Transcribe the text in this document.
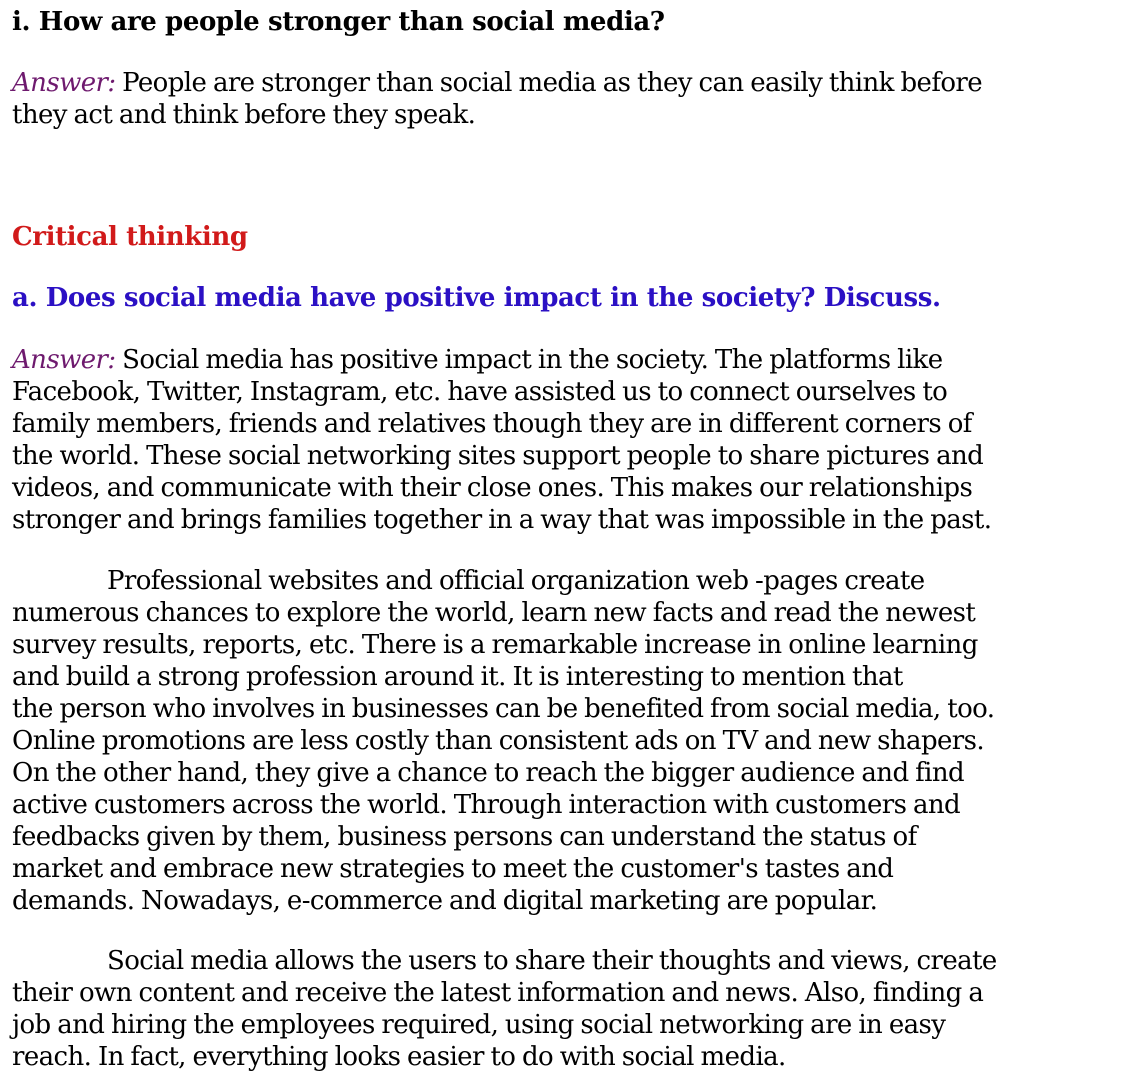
i. How are people stronger than social media?

Answer: People are stronger than social media as they can easily think before

they act and think before they speak.

Critical thinking
a. Does social media have positive impact in the society? Discuss.

Answer: Social media has positive impact in the society. The platforms like

Facebook, Twitter, Instagram, etc. have assisted us to connect ourselves to

family members, friends and relatives though they are in different corners of

the world. These social networking sites support people to share pictures and

videos, and communicate with their close ones. This makes our relationships

stronger and brings families together in a way that was impossible in the past.

Professional websites and official organization web -pages create

numerous chances to explore the world, learn new facts and read the newest

survey results, reports, etc. There is a remarkable increase in online learning

and build a strong profession around it. It is interesting to mention that

the person who involves in businesses can be benefited from social media, too.

Online promotions are less costly than consistent ads on TV and new shapers.

On the other hand, they give a chance to reach the bigger audience and find

active customers across the world. Through interaction with customers and

feedbacks given by them, business persons can understand the status of

market and embrace new strategies to meet the customer's tastes and

demands. Nowadays, e-commerce and digital marketing are popular.

Social media allows the users to share their thoughts and views, create

their own content and receive the latest information and news. Also, finding a

job and hiring the employees required, using social networking are in easy

reach. In fact, everything looks easier to do with social media.
